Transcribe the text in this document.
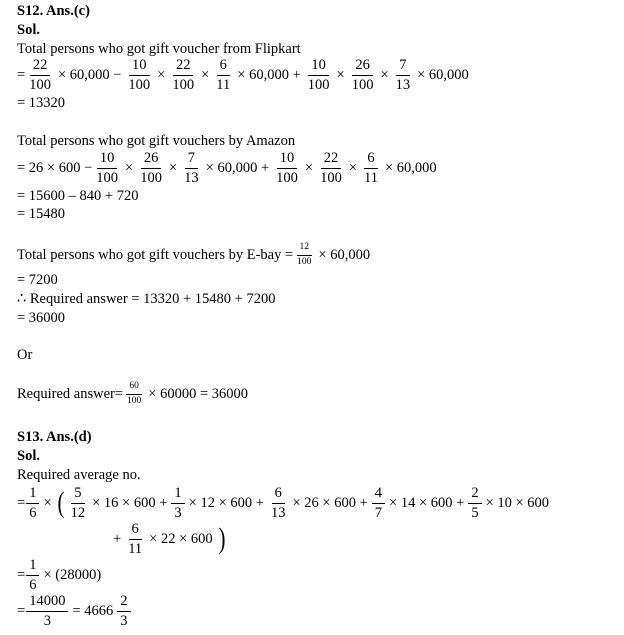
S12. Ans.(c)
Sol.
Total persons who got gift voucher from Flipkart
= $\frac{22}{100} \times 60,000 - \frac{10}{100} \times \frac{22}{100} \times \frac{6}{11} \times 60,000 + \frac{10}{100} \times \frac{26}{100} \times \frac{7}{13} \times 60,000$
= 13320
Total persons who got gift vouchers by Amazon
= $26 \times 600 - \frac{10}{100} \times \frac{26}{100} \times \frac{7}{13} \times 60,000 + \frac{10}{100} \times \frac{22}{100} \times \frac{6}{11} \times 60,000$
= 15600 – 840 + 720
= 15480
Total persons who got gift vouchers by $E-bay = \frac{12}{100} \times 60,000$
= 7200
∴ Required answer = 13320 + 15480 + 7200
= 36000
Or
Required answer= $\frac{60}{100} \times 60000 = 36000$
S13. Ans.(d)
Sol.
Required average no.
= $\frac{1}{6}$ × ( $\frac{5}{12} \times 16 \times 600 + \frac{1}{3} \times 12 \times 600 + \frac{6}{13} \times 26 \times 600 + \frac{4}{7} \times 14 \times 600 + \frac{2}{5} \times 10 \times 600$
+ $\frac{6}{11} \times 22 \times 600$ )
= $\frac{1}{6} \times (28000)$
= $\frac{14000}{3} = 4666 \frac{2}{3}$
